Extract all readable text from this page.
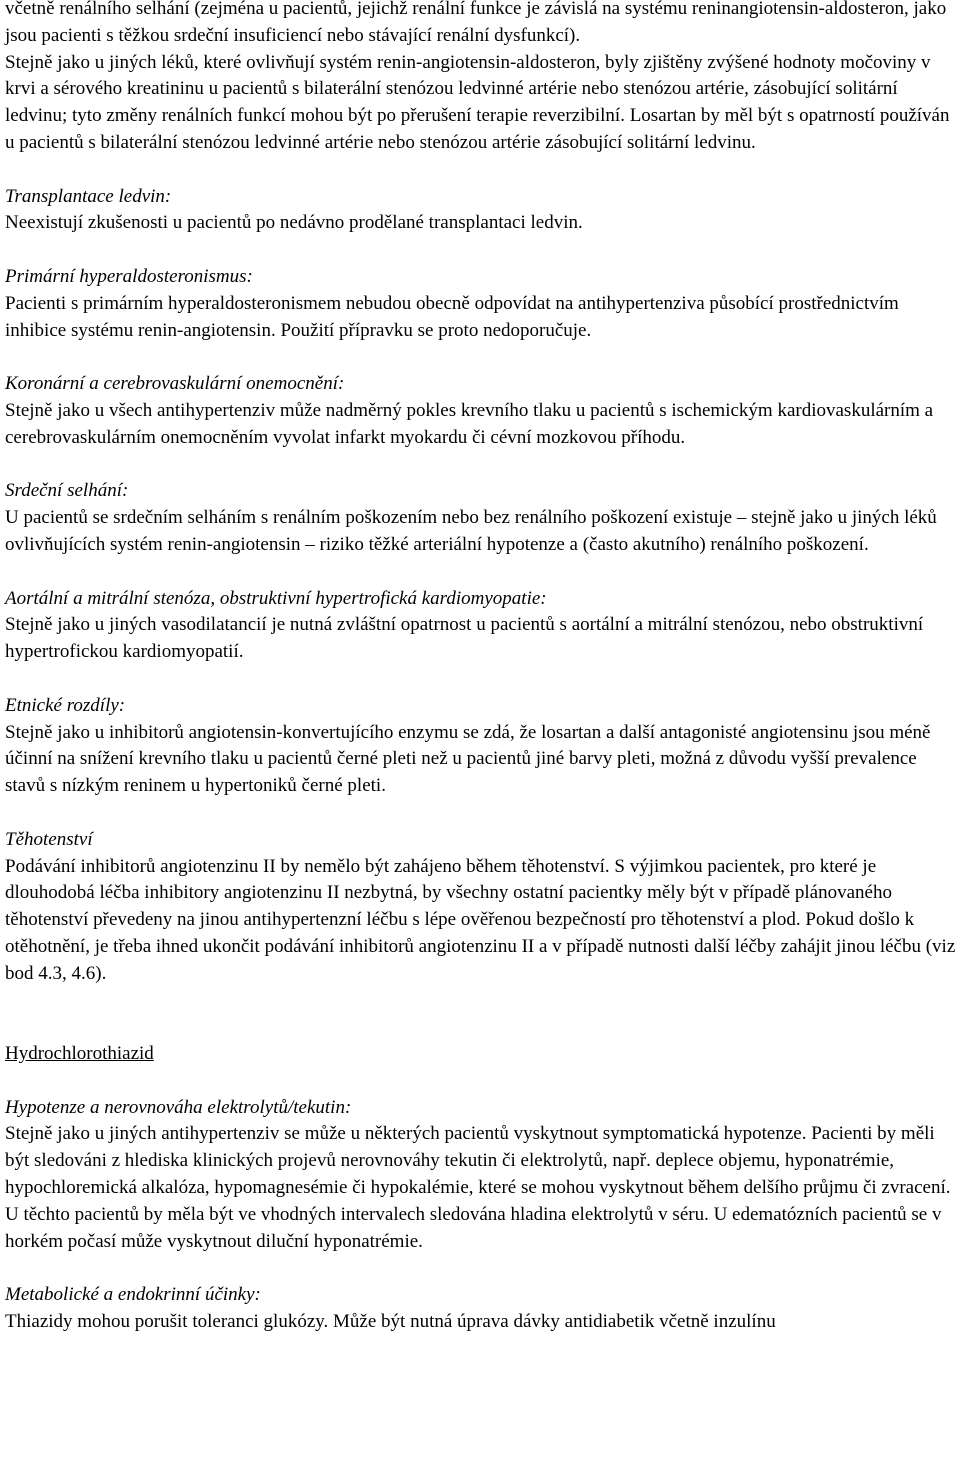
včetně renálního selhání (zejména u pacientů, jejichž renální funkce je závislá na systému reninangiotensin-aldosteron, jako jsou pacienti s těžkou srdeční insuficiencí nebo stávající renální dysfunkcí).

Stejně jako u jiných léků, které ovlivňují systém renin-angiotensin-aldosteron, byly zjištěny zvýšené hodnoty močoviny v krvi a sérového kreatininu u pacientů s bilaterální stenózou ledvinné artérie nebo stenózou artérie, zásobující solitární ledvinu; tyto změny renálních funkcí mohou být po přerušení terapie reverzibilní. Losartan by měl být s opatrností používán u pacientů s bilaterální stenózou ledvinné artérie nebo stenózou artérie zásobující solitární ledvinu.

Transplantace ledvin:

Neexistují zkušenosti u pacientů po nedávno prodělané transplantaci ledvin.

Primární hyperaldosteronismus:

Pacienti s primárním hyperaldosteronismem nebudou obecně odpovídat na antihypertenziva působící prostřednictvím inhibice systému renin-angiotensin. Použití přípravku se proto nedoporučuje.

Koronární a cerebrovaskulární onemocnění:

Stejně jako u všech antihypertenziv může nadměrný pokles krevního tlaku u pacientů s ischemickým kardiovaskulárním a cerebrovaskulárním onemocněním vyvolat infarkt myokardu či cévní mozkovou příhodu.

Srdeční selhání:

U pacientů se srdečním selháním s renálním poškozením nebo bez renálního poškození existuje – stejně jako u jiných léků ovlivňujících systém renin-angiotensin – riziko těžké arteriální hypotenze a (často akutního) renálního poškození.

Aortální a mitrální stenóza, obstruktivní hypertrofická kardiomyopatie:

Stejně jako u jiných vasodilatancií je nutná zvláštní opatrnost u pacientů s aortální a mitrální stenózou, nebo obstruktivní hypertrofickou kardiomyopatií.

Etnické rozdíly:

Stejně jako u inhibitorů angiotensin-konvertujícího enzymu se zdá, že losartan a další antagonisté angiotensinu jsou méně účinní na snížení krevního tlaku u pacientů černé pleti než u pacientů jiné barvy pleti, možná z důvodu vyšší prevalence stavů s nízkým reninem u hypertoniků černé pleti.

Těhotenství

Podávání inhibitorů angiotenzinu II by nemělo být zahájeno během těhotenství. S výjimkou pacientek, pro které je dlouhodobá léčba inhibitory angiotenzinu II nezbytná, by všechny ostatní pacientky měly být v případě plánovaného těhotenství převedeny na jinou antihypertenzní léčbu s lépe ověřenou bezpečností pro těhotenství a plod. Pokud došlo k otěhotnění, je třeba ihned ukončit podávání inhibitorů angiotenzinu II a v případě nutnosti další léčby zahájit jinou léčbu (viz bod 4.3, 4.6).

Hydrochlorothiazid

Hypotenze a nerovnováha elektrolytů/tekutin:

Stejně jako u jiných antihypertenziv se může u některých pacientů vyskytnout symptomatická hypotenze. Pacienti by měli být sledováni z hlediska klinických projevů nerovnováhy tekutin či elektrolytů, např. deplece objemu, hyponatrémie, hypochloremická alkalóza, hypomagnesémie či hypokalémie, které se mohou vyskytnout během delšího průjmu či zvracení.

U těchto pacientů by měla být ve vhodných intervalech sledována hladina elektrolytů v séru. U edematózních pacientů se v horkém počasí může vyskytnout diluční hyponatrémie.

Metabolické a endokrinní účinky:

Thiazidy mohou porušit toleranci glukózy. Může být nutná úprava dávky antidiabetik včetně inzulínu
